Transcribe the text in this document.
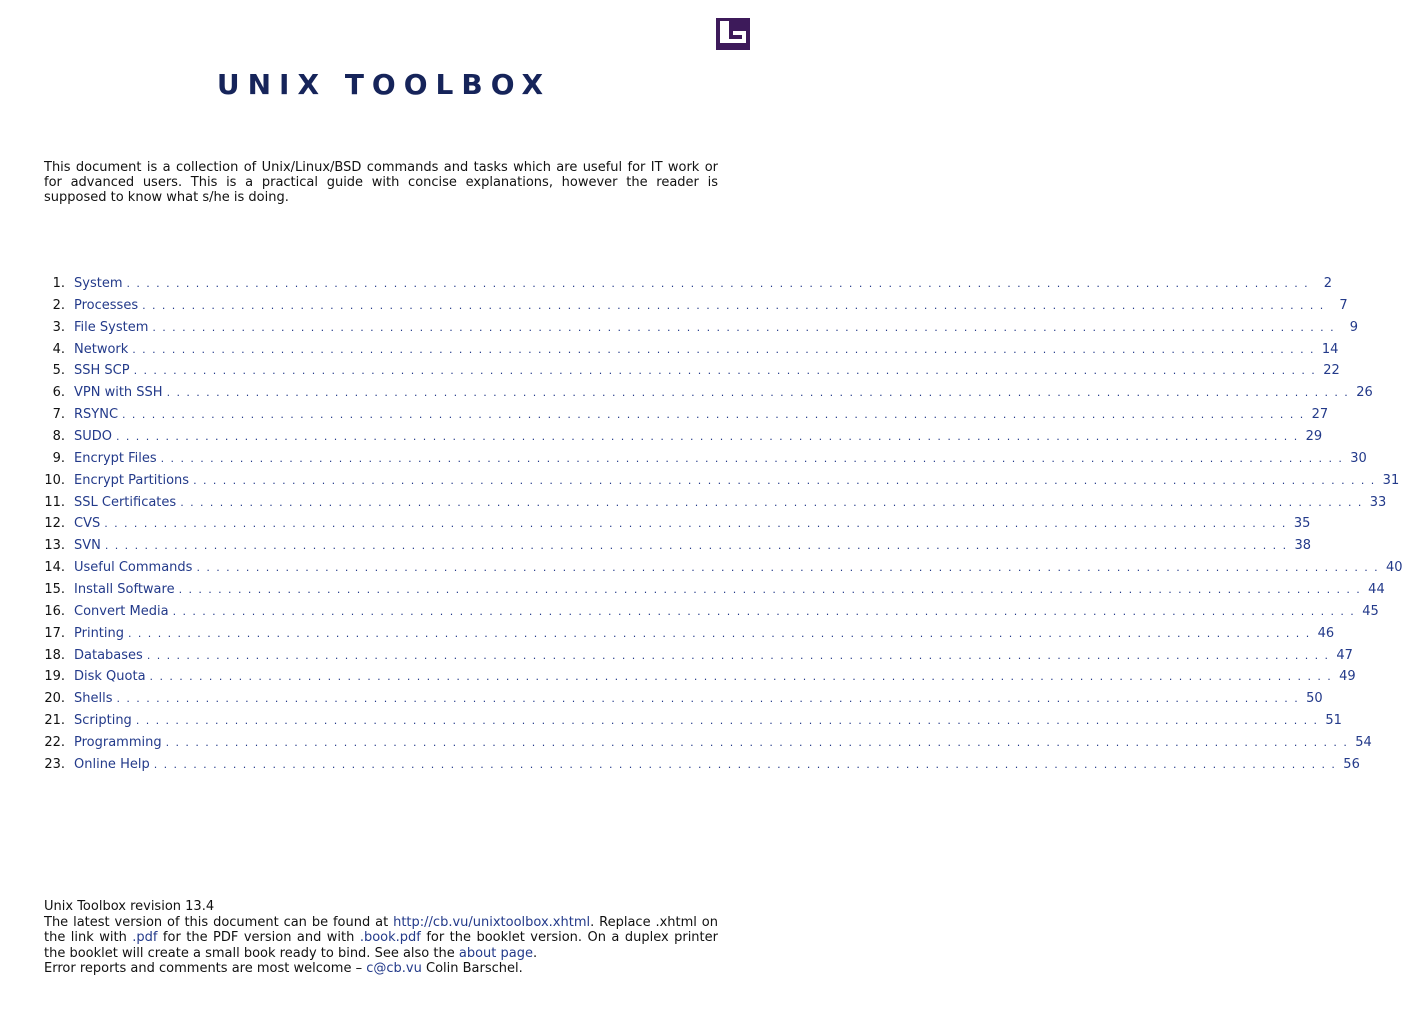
UNIX TOOLBOX

This document is a collection of Unix/Linux/BSD commands and tasks which are useful for IT work or for advanced users. This is a practical guide with concise explanations, however the reader is supposed to know what s/he is doing.

1. System ........................................................................................................................ 2
2. Processes ........................................................................................................................ 7
3. File System ........................................................................................................................ 9
4. Network ........................................................................................................................ 14
5. SSH SCP ........................................................................................................................ 22
6. VPN with SSH ........................................................................................................................ 26
7. RSYNC ........................................................................................................................ 27
8. SUDO ........................................................................................................................ 29
9. Encrypt Files ........................................................................................................................ 30
10. Encrypt Partitions ........................................................................................................................ 31
11. SSL Certificates ........................................................................................................................ 33
12. CVS ........................................................................................................................ 35
13. SVN ........................................................................................................................ 38
14. Useful Commands ........................................................................................................................ 40
15. Install Software ........................................................................................................................ 44
16. Convert Media ........................................................................................................................ 45
17. Printing ........................................................................................................................ 46
18. Databases ........................................................................................................................ 47
19. Disk Quota ........................................................................................................................ 49
20. Shells ........................................................................................................................ 50
21. Scripting ........................................................................................................................ 51
22. Programming ........................................................................................................................ 54
23. Online Help ........................................................................................................................ 56

Unix Toolbox revision 13.4
The latest version of this document can be found at http://cb.vu/unixtoolbox.xhtml. Replace .xhtml on the link with .pdf for the PDF version and with .book.pdf for the booklet version. On a duplex printer the booklet will create a small book ready to bind. See also the about page.
Error reports and comments are most welcome – c@cb.vu Colin Barschel.
